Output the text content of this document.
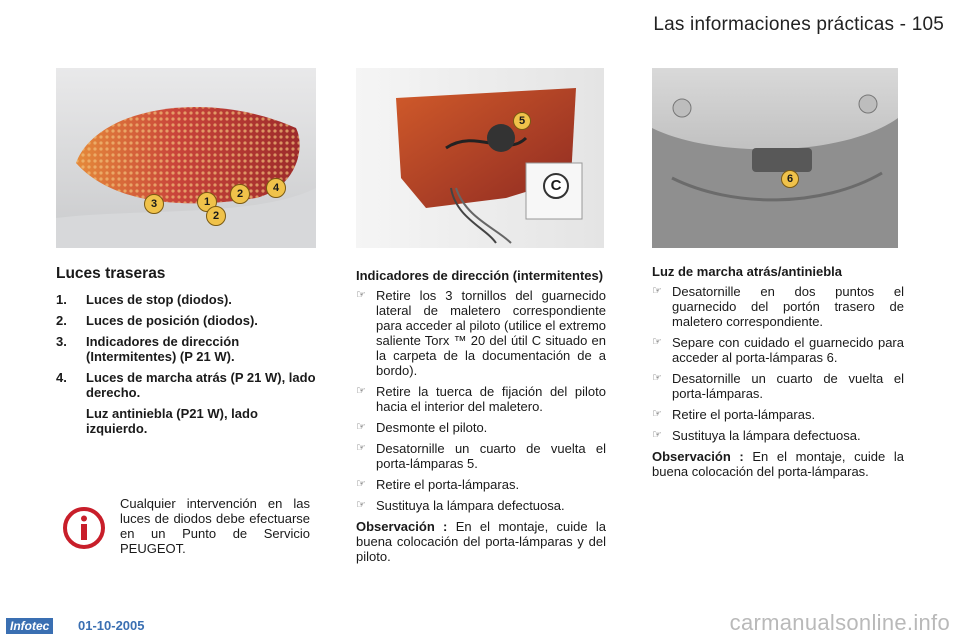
Las informaciones prácticas - 105
3	1
2
2
4
5
C	6
Luces traseras
1.	Luces de stop (diodos).
2.	Luces de posición (diodos).
3.	Indicadores de dirección (Intermitentes) (P 21 W).
4.	Luces de marcha atrás (P 21 W), lado derecho.
Luz antiniebla (P21 W), lado izquierdo.
Cualquier intervención en las luces de diodos debe efectuarse en un Punto de Servicio PEUGEOT.
Indicadores de dirección (intermitentes)
☞ Retire los 3 tornillos del guarnecido lateral de maletero correspondiente para acceder al piloto (utilice el extremo saliente Torx ™ 20 del útil C situado en la carpeta de la documentación de a bordo).
☞ Retire la tuerca de fijación del piloto hacia el interior del maletero.
☞ Desmonte el piloto.
☞ Desatornille un cuarto de vuelta el porta-lámparas 5.
☞ Retire el porta-lámparas.
☞ Sustituya la lámpara defectuosa.
Observación : En el montaje, cuide la buena colocación del porta-lámparas y del piloto.
Luz de marcha atrás/antiniebla
☞ Desatornille en dos puntos el guarnecido del portón trasero de maletero correspondiente.
☞ Separe con cuidado el guarnecido para acceder al porta-lámparas 6.
☞ Desatornille un cuarto de vuelta el porta-lámparas.
☞ Retire el porta-lámparas.
☞ Sustituya la lámpara defectuosa.
Observación : En el montaje, cuide la buena colocación del porta-lámparas.
Infotec	01-10-2005	carmanualsonline.info
